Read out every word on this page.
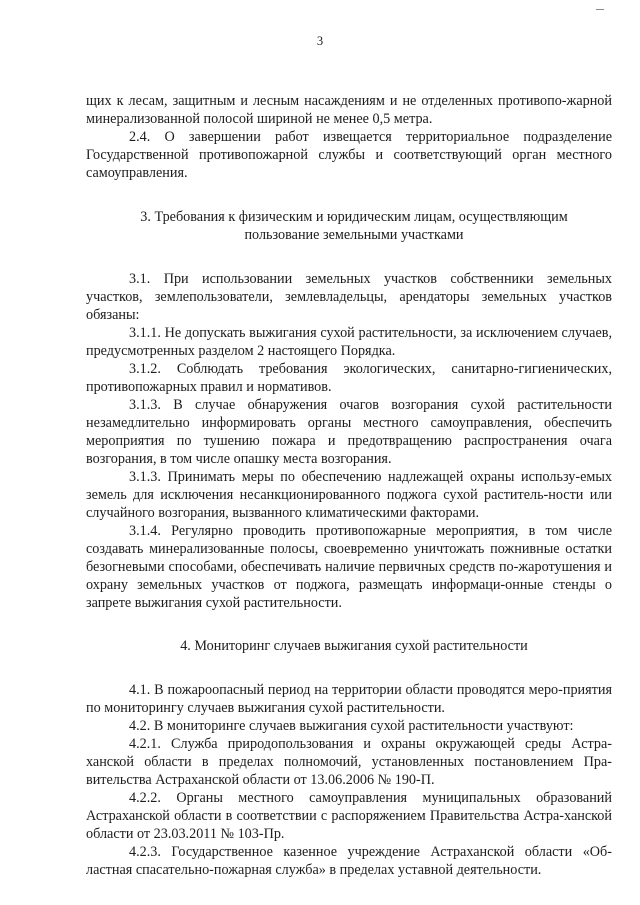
3

щих к лесам, защитным и лесным насаждениям и не отделенных противопо-жарной минерализованной полосой шириной не менее 0,5 метра.

2.4. О завершении работ извещается территориальное подразделение Государственной противопожарной службы и соответствующий орган местного самоуправления.

3. Требования к физическим и юридическим лицам, осуществляющим пользование земельными участками

3.1. При использовании земельных участков собственники земельных участков, землепользователи, землевладельцы, арендаторы земельных участков обязаны:

3.1.1. Не допускать выжигания сухой растительности, за исключением случаев, предусмотренных разделом 2 настоящего Порядка.

3.1.2. Соблюдать требования экологических, санитарно-гигиенических, противопожарных правил и нормативов.

3.1.3. В случае обнаружения очагов возгорания сухой растительности незамедлительно информировать органы местного самоуправления, обеспечить мероприятия по тушению пожара и предотвращению распространения очага возгорания, в том числе опашку места возгорания.

3.1.3. Принимать меры по обеспечению надлежащей охраны использу-емых земель для исключения несанкционированного поджога сухой раститель-ности или случайного возгорания, вызванного климатическими факторами.

3.1.4. Регулярно проводить противопожарные мероприятия, в том числе создавать минерализованные полосы, своевременно уничтожать пожнивные остатки безогневыми способами, обеспечивать наличие первичных средств по-жаротушения и охрану земельных участков от поджога, размещать информаци-онные стенды о запрете выжигания сухой растительности.

4. Мониторинг случаев выжигания сухой растительности

4.1. В пожароопасный период на территории области проводятся меро-приятия по мониторингу случаев выжигания сухой растительности.

4.2. В мониторинге случаев выжигания сухой растительности участвуют:

4.2.1. Служба природопользования и охраны окружающей среды Астра-ханской области в пределах полномочий, установленных постановлением Пра-вительства Астраханской области от 13.06.2006 № 190-П.

4.2.2. Органы местного самоуправления муниципальных образований Астраханской области в соответствии с распоряжением Правительства Астра-ханской области от 23.03.2011 № 103-Пр.

4.2.3. Государственное казенное учреждение Астраханской области «Об-ластная спасательно-пожарная служба» в пределах уставной деятельности.
